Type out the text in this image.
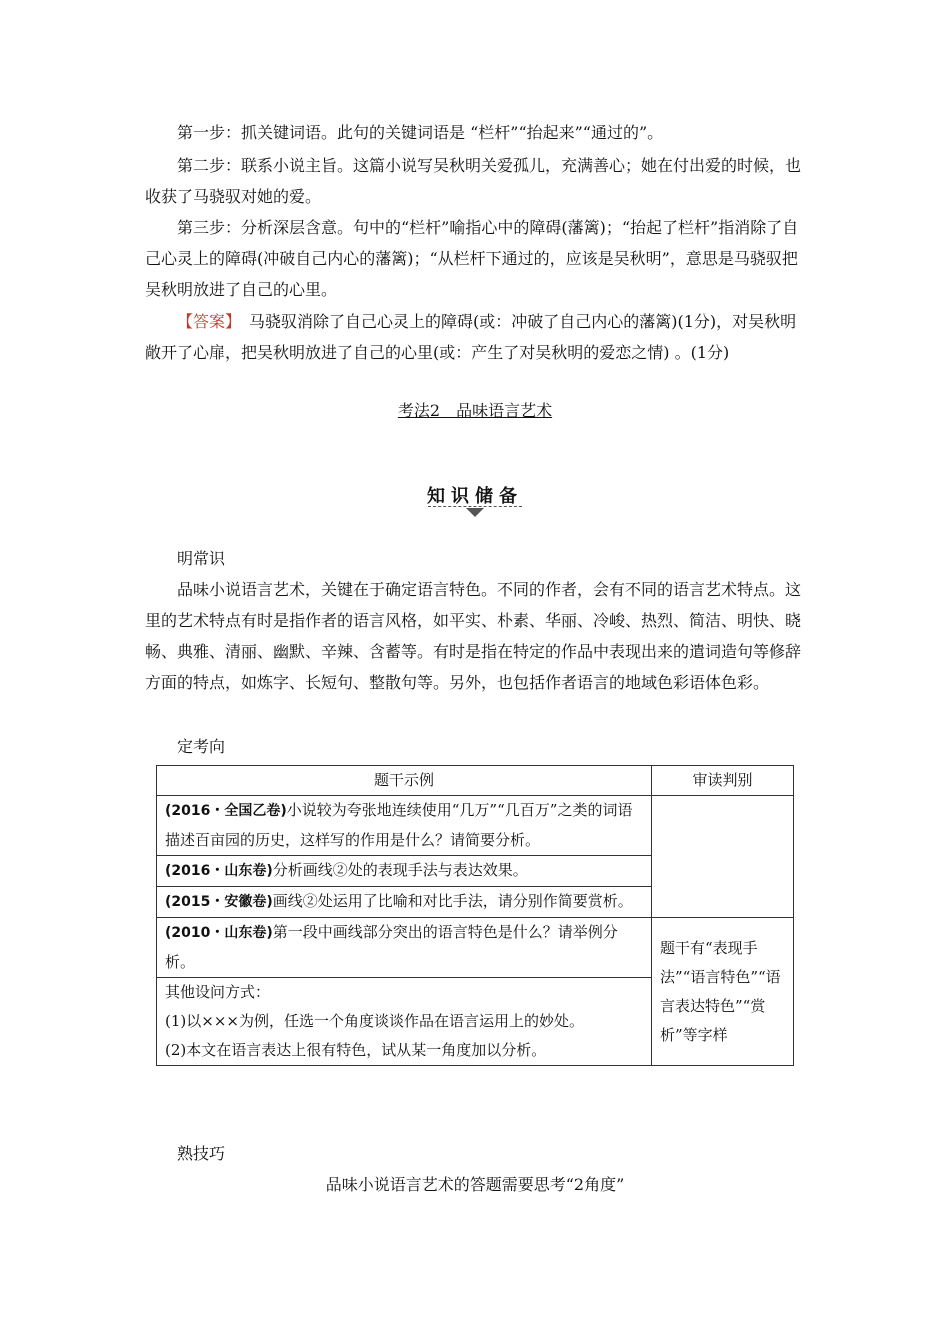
第一步：抓关键词语。此句的关键词语是 “栏杆”“抬起来”“通过的”。

第二步：联系小说主旨。这篇小说写吴秋明关爱孤儿，充满善心；她在付出爱的时候，也收获了马骁驭对她的爱。

第三步：分析深层含意。句中的“栏杆”喻指心中的障碍(藩篱)；“抬起了栏杆”指消除了自己心灵上的障碍(冲破自己内心的藩篱)；“从栏杆下通过的，应该是吴秋明”，意思是马骁驭把吴秋明放进了自己的心里。

【答案】　马骁驭消除了自己心灵上的障碍(或：冲破了自己内心的藩篱)(1分)，对吴秋明敞开了心扉，把吴秋明放进了自己的心里(或：产生了对吴秋明的爱恋之情) 。(1分)

考法2　品味语言艺术
知识储备

明常识

品味小说语言艺术，关键在于确定语言特色。不同的作者，会有不同的语言艺术特点。这里的艺术特点有时是指作者的语言风格，如平实、朴素、华丽、冷峻、热烈、简洁、明快、晓畅、典雅、清丽、幽默、辛辣、含蓄等。有时是指在特定的作品中表现出来的遣词造句等修辞方面的特点，如炼字、长短句、整散句等。另外，也包括作者语言的地域色彩语体色彩。

定考向

题干示例	审读判别
(2016・全国乙卷)小说较为夸张地连续使用“几万”“几百万”之类的词语描述百亩园的历史，这样写的作用是什么？请简要分析。	
(2016・山东卷)分析画线②处的表现手法与表达效果。	
(2015・安徽卷)画线②处运用了比喻和对比手法，请分别作简要赏析。	
(2010・山东卷)第一段中画线部分突出的语言特色是什么？请举例分析。	题干有“表现手法”“语言特色”“语言表达特色”“赏析”等字样

其他设问方式：
(1)以×××为例，任选一个角度谈谈作品在语言运用上的妙处。
(2)本文在语言表达上很有特色，试从某一角度加以分析。	

熟技巧

品味小说语言艺术的答题需要思考“2角度”
